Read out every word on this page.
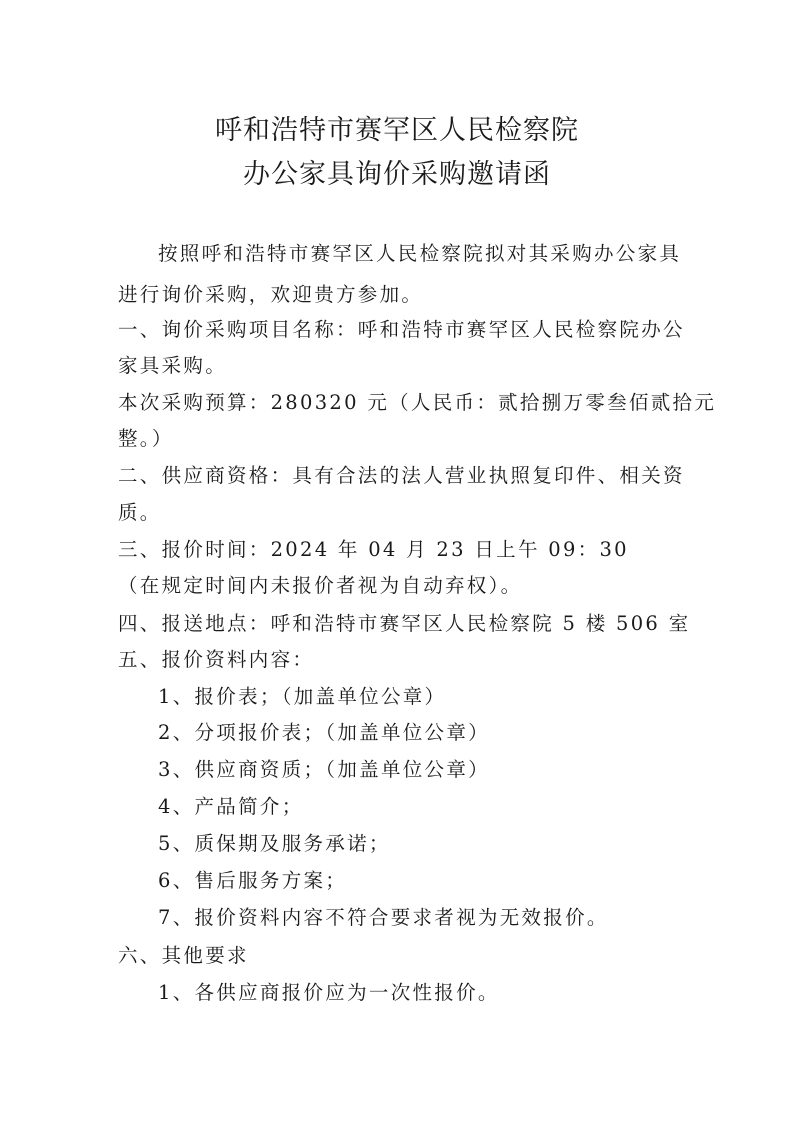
呼和浩特市赛罕区人民检察院
办公家具询价采购邀请函
按照呼和浩特市赛罕区人民检察院拟对其采购办公家具
进行询价采购，欢迎贵方参加。
一、询价采购项目名称：呼和浩特市赛罕区人民检察院办公
家具采购。
本次采购预算：280320 元（人民币：贰拾捌万零叁佰贰拾元
整。）
二、供应商资格：具有合法的法人营业执照复印件、相关资
质。
三、报价时间：2024 年 04 月 23 日上午 09：30
（在规定时间内未报价者视为自动弃权）。
四、报送地点：呼和浩特市赛罕区人民检察院 5 楼 506 室
五、报价资料内容：
1、报价表；（加盖单位公章）
2、分项报价表；（加盖单位公章）
3、供应商资质；（加盖单位公章）
4、产品简介；
5、质保期及服务承诺；
6、售后服务方案；
7、报价资料内容不符合要求者视为无效报价。
六、其他要求
1、各供应商报价应为一次性报价。
